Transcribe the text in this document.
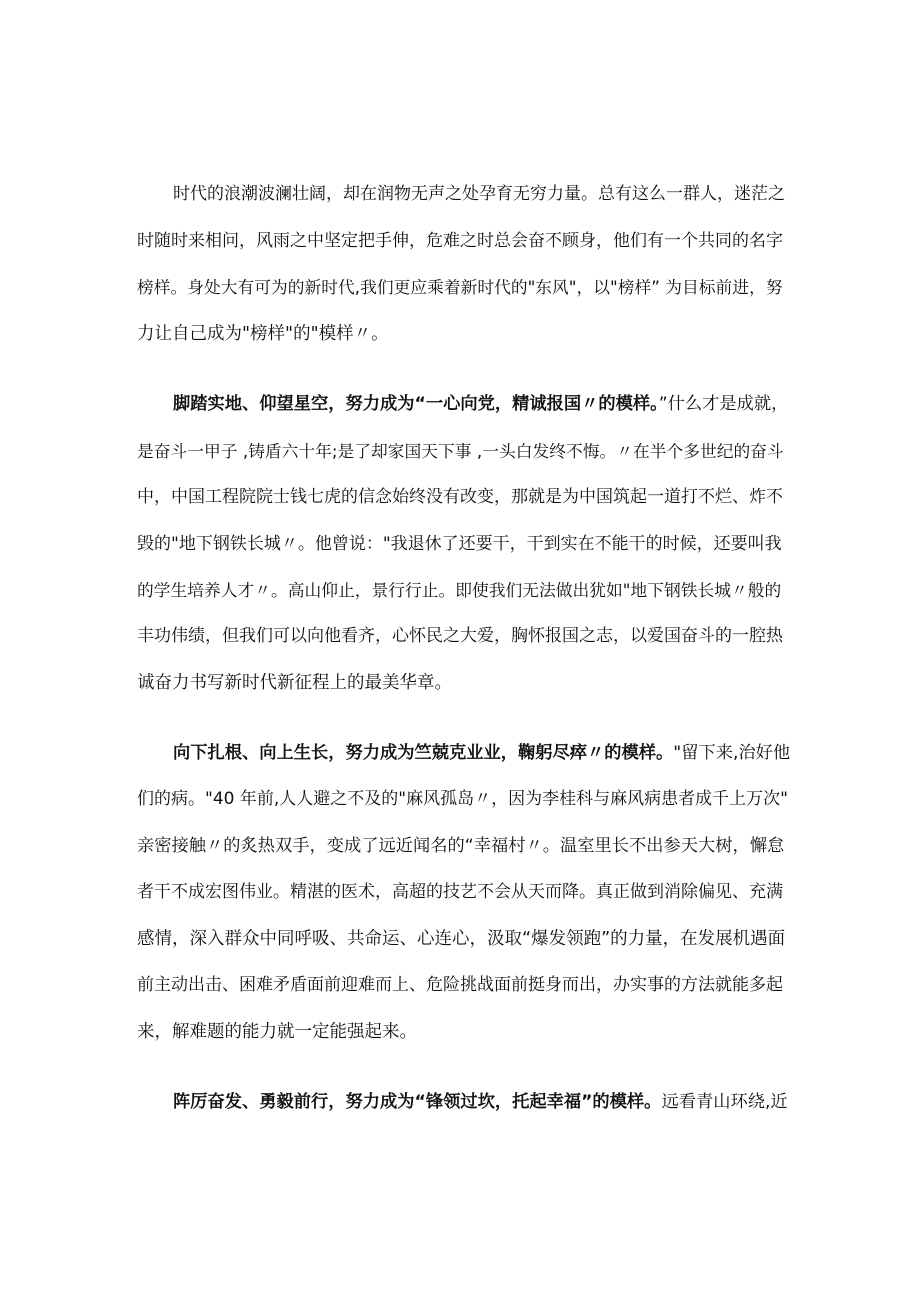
时代的浪潮波澜壮阔，却在润物无声之处孕育无穷力量。总有这么一群人，迷茫之
时随时来相问，风雨之中坚定把手伸，危难之时总会奋不顾身，他们有一个共同的名字
榜样。身处大有可为的新时代,我们更应乘着新时代的"东风"，以"榜样” 为目标前进，努
力让自己成为"榜样"的"模样〃。
脚踏实地、仰望星空，努力成为“一心向党，精诚报国〃的模样。”什么才是成就，
是奋斗一甲子 ,铸盾六十年;是了却家国天下事 ,一头白发终不悔。〃在半个多世纪的奋斗
中，中国工程院院士钱七虎的信念始终没有改变，那就是为中国筑起一道打不烂、炸不
毁的"地下钢铁长城〃。他曾说："我退休了还要干，干到实在不能干的时候，还要叫我
的学生培养人才〃。高山仰止，景行行止。即使我们无法做出犹如"地下钢铁长城〃般的
丰功伟绩，但我们可以向他看齐，心怀民之大爱，胸怀报国之志，以爱国奋斗的一腔热
诚奋力书写新时代新征程上的最美华章。
向下扎根、向上生长，努力成为竺兢克业业，鞠躬尽瘁〃的模样。"留下来,治好他
们的病。"40 年前,人人避之不及的"麻风孤岛〃，因为李桂科与麻风病患者成千上万次"
亲密接触〃的炙热双手，变成了远近闻名的“幸福村〃。温室里长不出参天大树，懈怠
者干不成宏图伟业。精湛的医术，高超的技艺不会从天而降。真正做到消除偏见、充满
感情，深入群众中同呼吸、共命运、心连心，汲取“爆发领跑”的力量，在发展机遇面
前主动出击、困难矛盾面前迎难而上、危险挑战面前挺身而出，办实事的方法就能多起
来，解难题的能力就一定能强起来。
阵厉奋发、勇毅前行，努力成为“锋领过坎，托起幸福”的模样。远看青山环绕,近
